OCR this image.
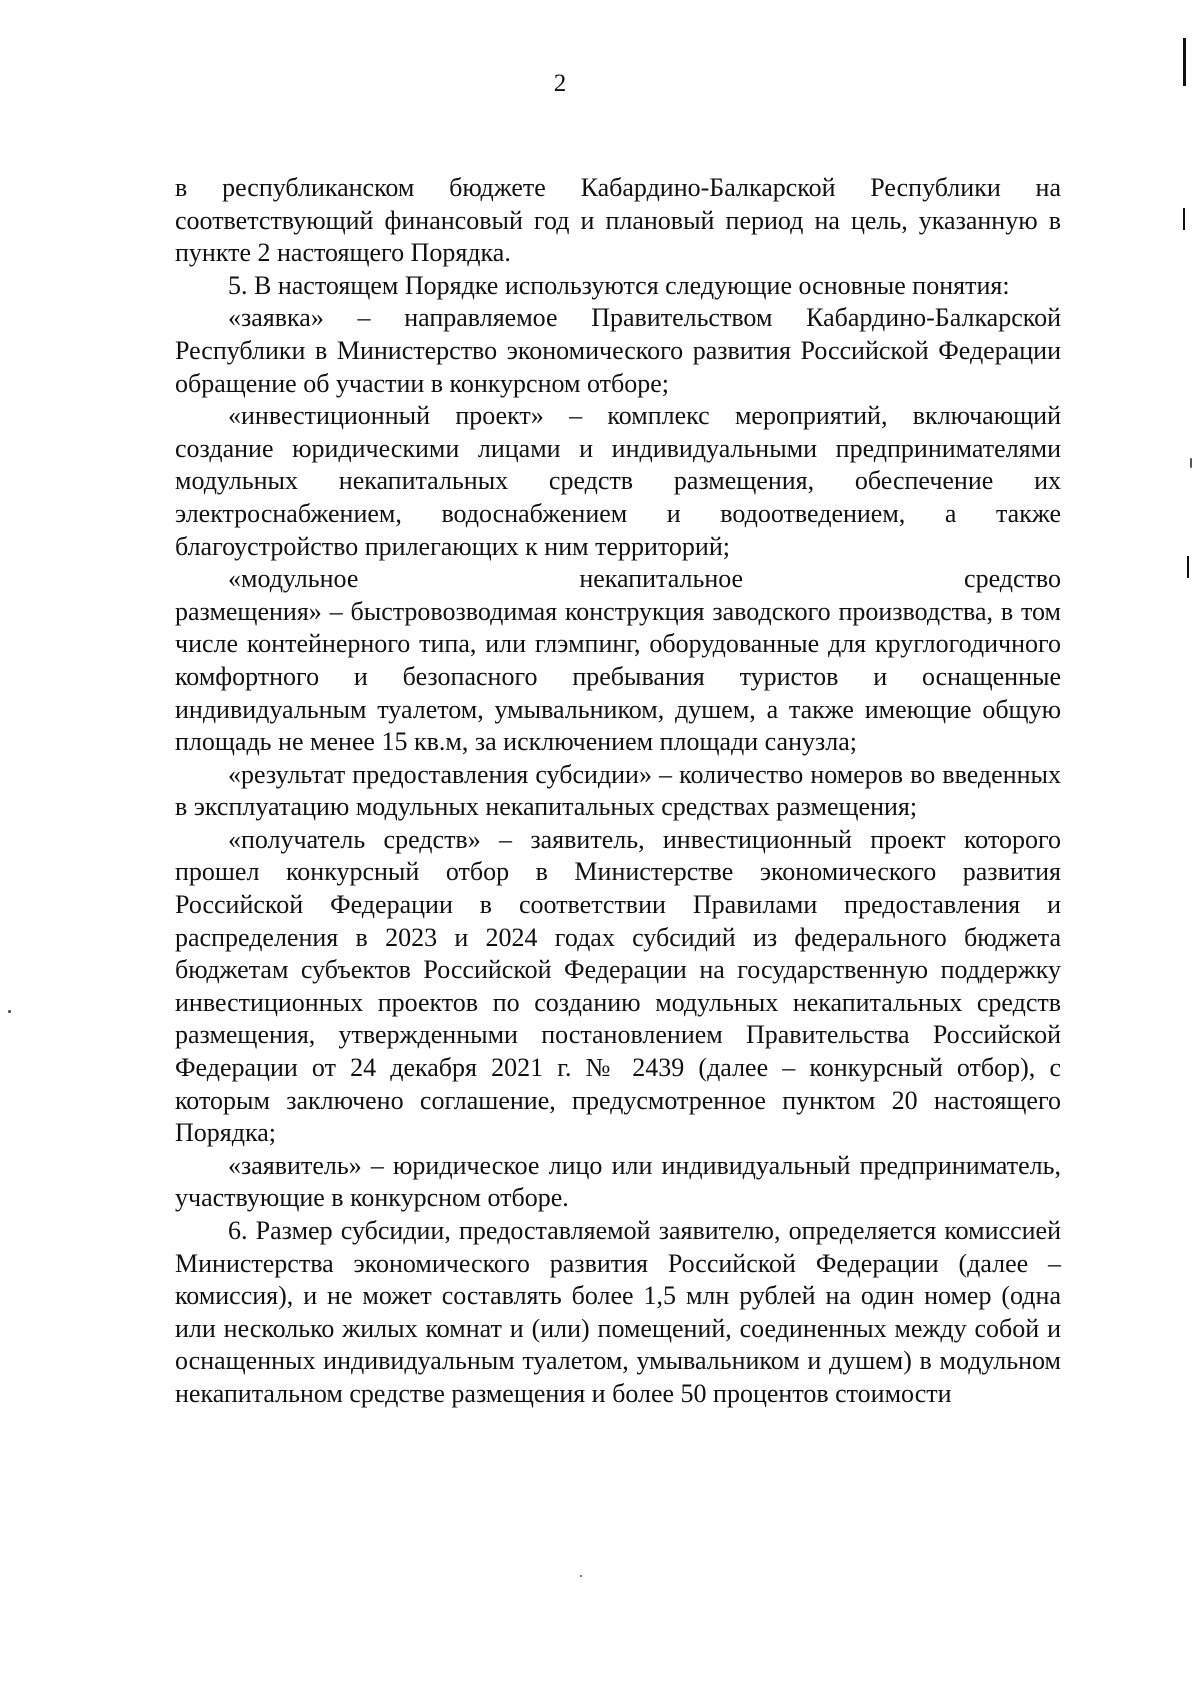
2

в республиканском бюджете Кабардино-Балкарской Республики на соответствующий финансовый год и плановый период на цель, указанную в пункте 2 настоящего Порядка.

5. В настоящем Порядке используются следующие основные понятия:

«заявка» – направляемое Правительством Кабардино-Балкарской Республики в Министерство экономического развития Российской Федерации обращение об участии в конкурсном отборе;

«инвестиционный проект» – комплекс мероприятий, включающий создание юридическими лицами и индивидуальными предпринимателями модульных некапитальных средств размещения, обеспечение их электроснабжением, водоснабжением и водоотведением, а также благоустройство прилегающих к ним территорий;

«модульное некапитальное средство

размещения» – быстровозводимая конструкция заводского производства, в том числе контейнерного типа, или глэмпинг, оборудованные для круглогодичного комфортного и безопасного пребывания туристов и оснащенные индивидуальным туалетом, умывальником, душем, а также имеющие общую площадь не менее 15 кв.м, за исключением площади санузла;

«результат предоставления субсидии» – количество номеров во введенных в эксплуатацию модульных некапитальных средствах размещения;

«получатель средств» – заявитель, инвестиционный проект которого прошел конкурсный отбор в Министерстве экономического развития Российской Федерации в соответствии Правилами предоставления и распределения в 2023 и 2024 годах субсидий из федерального бюджета бюджетам субъектов Российской Федерации на государственную поддержку инвестиционных проектов по созданию модульных некапитальных средств размещения, утвержденными постановлением Правительства Российской Федерации от 24 декабря 2021 г. № 2439 (далее – конкурсный отбор), с которым заключено соглашение, предусмотренное пунктом 20 настоящего Порядка;

«заявитель» – юридическое лицо или индивидуальный предприниматель, участвующие в конкурсном отборе.

6. Размер субсидии, предоставляемой заявителю, определяется комиссией Министерства экономического развития Российской Федерации (далее – комиссия), и не может составлять более 1,5 млн рублей на один номер (одна или несколько жилых комнат и (или) помещений, соединенных между собой и оснащенных индивидуальным туалетом, умывальником и душем) в модульном некапитальном средстве размещения и более 50 процентов стоимости
